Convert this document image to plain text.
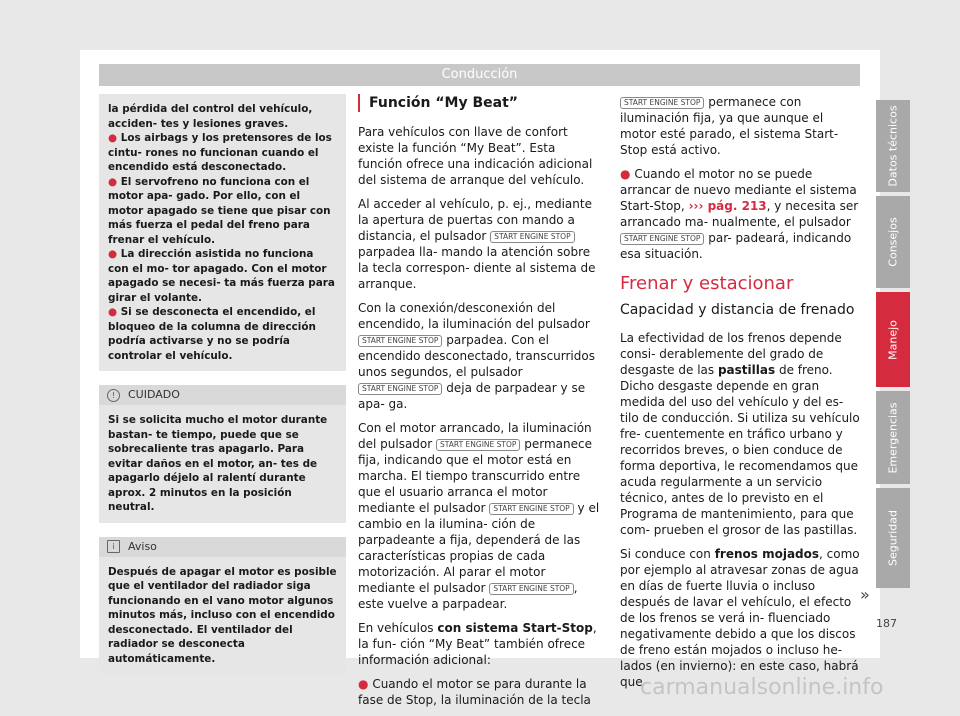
Conducción

la pérdida del control del vehículo, acciden- tes y lesiones graves.

● Los airbags y los pretensores de los cintu- rones no funcionan cuando el encendido está desconectado.

● El servofreno no funciona con el motor apa- gado. Por ello, con el motor apagado se tiene que pisar con más fuerza el pedal del freno para frenar el vehículo.

● La dirección asistida no funciona con el mo- tor apagado. Con el motor apagado se necesi- ta más fuerza para girar el volante.

● Si se desconecta el encendido, el bloqueo de la columna de dirección podría activarse y no se podría controlar el vehículo.

!	CUIDADO
Si se solicita mucho el motor durante bastan- te tiempo, puede que se sobrecaliente tras apagarlo. Para evitar daños en el motor, an- tes de apagarlo déjelo al ralentí durante aprox. 2 minutos en la posición neutral.
i	Aviso
Después de apagar el motor es posible que el ventilador del radiador siga funcionando en el vano motor algunos minutos más, incluso con el encendido desconectado. El ventilador del radiador se desconecta automáticamente.
Función “My Beat”

Para vehículos con llave de confort existe la función “My Beat”. Esta función ofrece una indicación adicional del sistema de arranque del vehículo.

Al acceder al vehículo, p. ej., mediante la apertura de puertas con mando a distancia, el pulsador START ENGINE STOP parpadea lla- mando la atención sobre la tecla correspon- diente al sistema de arranque.

Con la conexión/desconexión del encendido, la iluminación del pulsador START ENGINE STOP parpadea. Con el encendido desconectado, transcurridos unos segundos, el pulsador START ENGINE STOP deja de parpadear y se apa- ga.

Con el motor arrancado, la iluminación del pulsador START ENGINE STOP permanece fija, indicando que el motor está en marcha. El tiempo transcurrido entre que el usuario arranca el motor mediante el pulsador START ENGINE STOP y el cambio en la ilumina- ción de parpadeante a fija, dependerá de las características propias de cada motorización. Al parar el motor mediante el pulsador START ENGINE STOP , este vuelve a parpadear.

En vehículos con sistema Start-Stop, la fun- ción “My Beat” también ofrece información adicional:

● Cuando el motor se para durante la fase de Stop, la iluminación de la tecla

START ENGINE STOP permanece con iluminación fija, ya que aunque el motor esté parado, el sistema Start-Stop está activo.

● Cuando el motor no se puede arrancar de nuevo mediante el sistema Start-Stop, ››› pág. 213, y necesita ser arrancado ma- nualmente, el pulsador START ENGINE STOP par- padeará, indicando esa situación.

Frenar y estacionar
Capacidad y distancia de frenado

La efectividad de los frenos depende consi- derablemente del grado de desgaste de las pastillas de freno. Dicho desgaste depende en gran medida del uso del vehículo y del es- tilo de conducción. Si utiliza su vehículo fre- cuentemente en tráfico urbano y recorridos breves, o bien conduce de forma deportiva, le recomendamos que acuda regularmente a un servicio técnico, antes de lo previsto en el Programa de mantenimiento, para que com- prueben el grosor de las pastillas.

Si conduce con frenos mojados, como por ejemplo al atravesar zonas de agua en días de fuerte lluvia o incluso después de lavar el vehículo, el efecto de los frenos se verá in- fluenciado negativamente debido a que los discos de freno están mojados o incluso he- lados (en invierno): en este caso, habrá que

Datos técnicos
Consejos
Manejo
Emergencias
Seguridad
»
187
carmanualsonline.info
